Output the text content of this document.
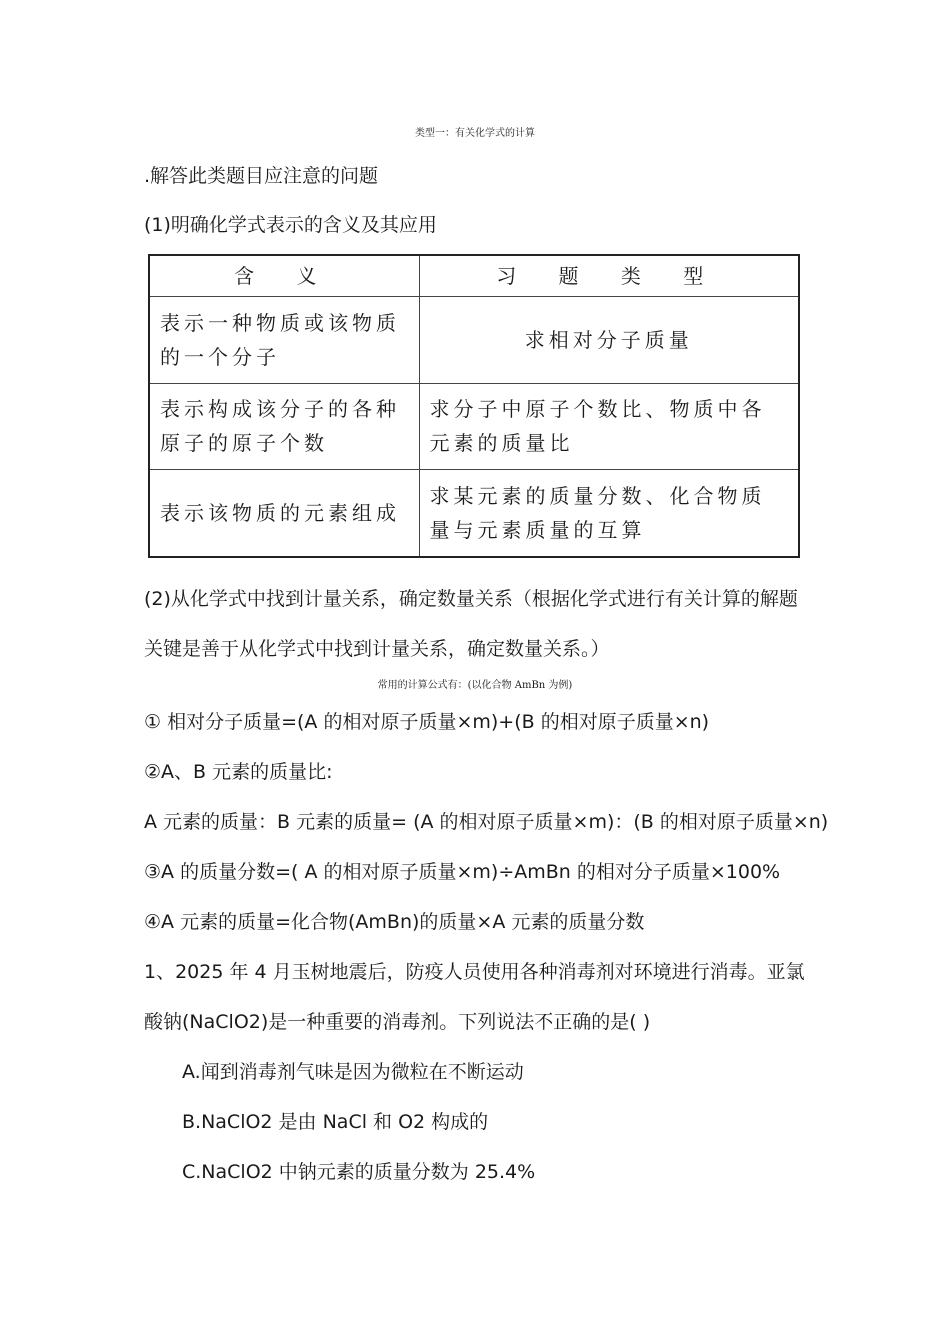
类型一：有关化学式的计算
.解答此类题目应注意的问题
(1)明确化学式表示的含义及其应用
含 义	习 题 类 型
表示一种物质或该物质的一个分子	求相对分子质量
表示构成该分子的各种原子的原子个数	求分子中原子个数比、物质中各元素的质量比
表示该物质的元素组成	求某元素的质量分数、化合物质量与元素质量的互算
(2)从化学式中找到计量关系，确定数量关系（根据化学式进行有关计算的解题
关键是善于从化学式中找到计量关系，确定数量关系。）
常用的计算公式有：(以化合物 AmBn 为例)
① 相对分子质量=(A 的相对原子质量×m)+(B 的相对原子质量×n)
②A、B 元素的质量比:
A 元素的质量：B 元素的质量= (A 的相对原子质量×m)：(B 的相对原子质量×n)
③A 的质量分数=( A 的相对原子质量×m)÷AmBn 的相对分子质量×100%
④A 元素的质量=化合物(AmBn)的质量×A 元素的质量分数
1、2025 年 4 月玉树地震后，防疫人员使用各种消毒剂对环境进行消毒。亚氯
酸钠(NaClO2)是一种重要的消毒剂。下列说法不正确的是( )
A.闻到消毒剂气味是因为微粒在不断运动
B.NaClO2 是由 NaCl 和 O2 构成的
C.NaClO2 中钠元素的质量分数为 25.4%
